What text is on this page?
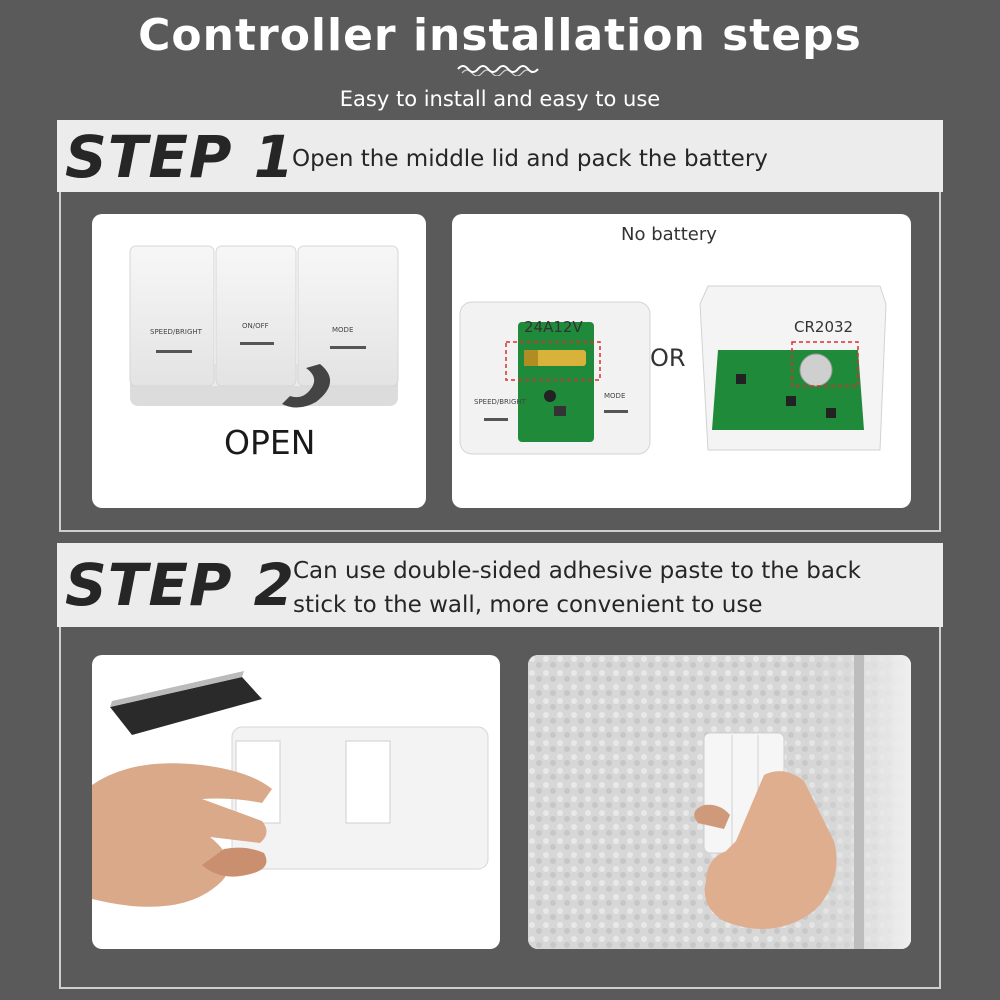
Controller installation steps
Easy to install and easy to use
STEP 1
Open the middle lid and pack the battery
SPEED/BRIGHT
ON/OFF	MODE
OPEN
No battery
24A12V
OR
CR2032
SPEED/BRIGHT
MODE
STEP 2
Can use double-sided adhesive paste to the back
stick to the wall, more convenient to use
